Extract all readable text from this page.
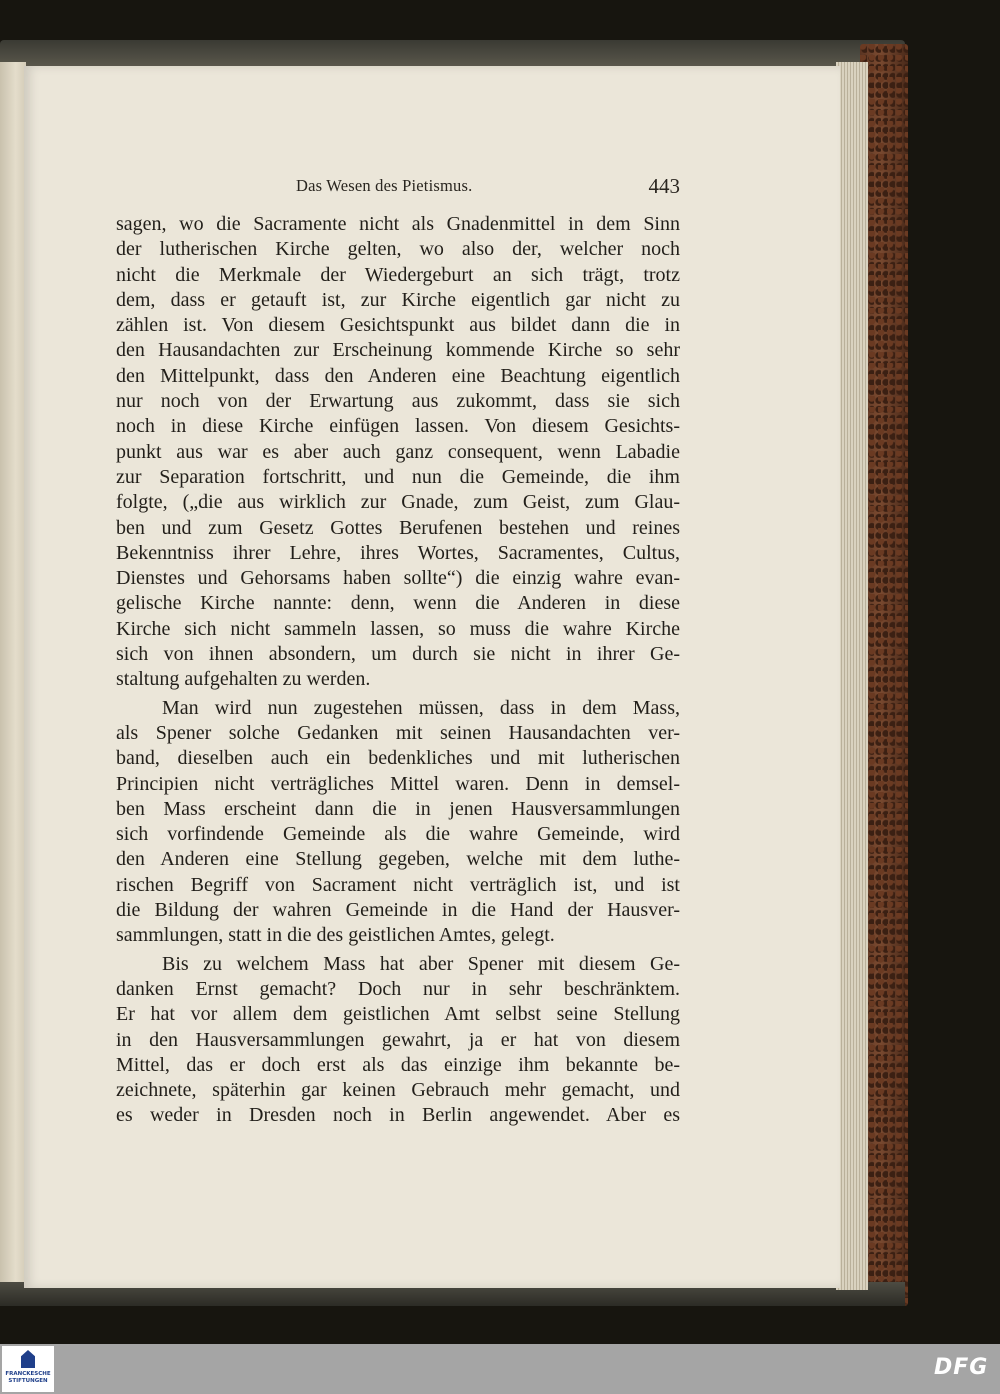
Das Wesen des Pietismus.	443
sagen, wo die Sacramente nicht als Gnadenmittel in dem Sinn
der lutherischen Kirche gelten, wo also der, welcher noch
nicht die Merkmale der Wiedergeburt an sich trägt, trotz
dem, dass er getauft ist, zur Kirche eigentlich gar nicht zu
zählen ist. Von diesem Gesichtspunkt aus bildet dann die in
den Hausandachten zur Erscheinung kommende Kirche so sehr
den Mittelpunkt, dass den Anderen eine Beachtung eigentlich
nur noch von der Erwartung aus zukommt, dass sie sich
noch in diese Kirche einfügen lassen. Von diesem Gesichts-
punkt aus war es aber auch ganz consequent, wenn Labadie
zur Separation fortschritt, und nun die Gemeinde, die ihm
folgte, („die aus wirklich zur Gnade, zum Geist, zum Glau-
ben und zum Gesetz Gottes Berufenen bestehen und reines
Bekenntniss ihrer Lehre, ihres Wortes, Sacramentes, Cultus,
Dienstes und Gehorsams haben sollte“) die einzig wahre evan-
gelische Kirche nannte: denn, wenn die Anderen in diese
Kirche sich nicht sammeln lassen, so muss die wahre Kirche
sich von ihnen absondern, um durch sie nicht in ihrer Ge-
staltung aufgehalten zu werden.
Man wird nun zugestehen müssen, dass in dem Mass,
als Spener solche Gedanken mit seinen Hausandachten ver-
band, dieselben auch ein bedenkliches und mit lutherischen
Principien nicht verträgliches Mittel waren. Denn in demsel-
ben Mass erscheint dann die in jenen Hausversammlungen
sich vorfindende Gemeinde als die wahre Gemeinde, wird
den Anderen eine Stellung gegeben, welche mit dem luthe-
rischen Begriff von Sacrament nicht verträglich ist, und ist
die Bildung der wahren Gemeinde in die Hand der Hausver-
sammlungen, statt in die des geistlichen Amtes, gelegt.
Bis zu welchem Mass hat aber Spener mit diesem Ge-
danken Ernst gemacht? Doch nur in sehr beschränktem.
Er hat vor allem dem geistlichen Amt selbst seine Stellung
in den Hausversammlungen gewahrt, ja er hat von diesem
Mittel, das er doch erst als das einzige ihm bekannte be-
zeichnete, späterhin gar keinen Gebrauch mehr gemacht, und
es weder in Dresden noch in Berlin angewendet. Aber es
FRANCKESCHE STIFTUNGEN
DFG
